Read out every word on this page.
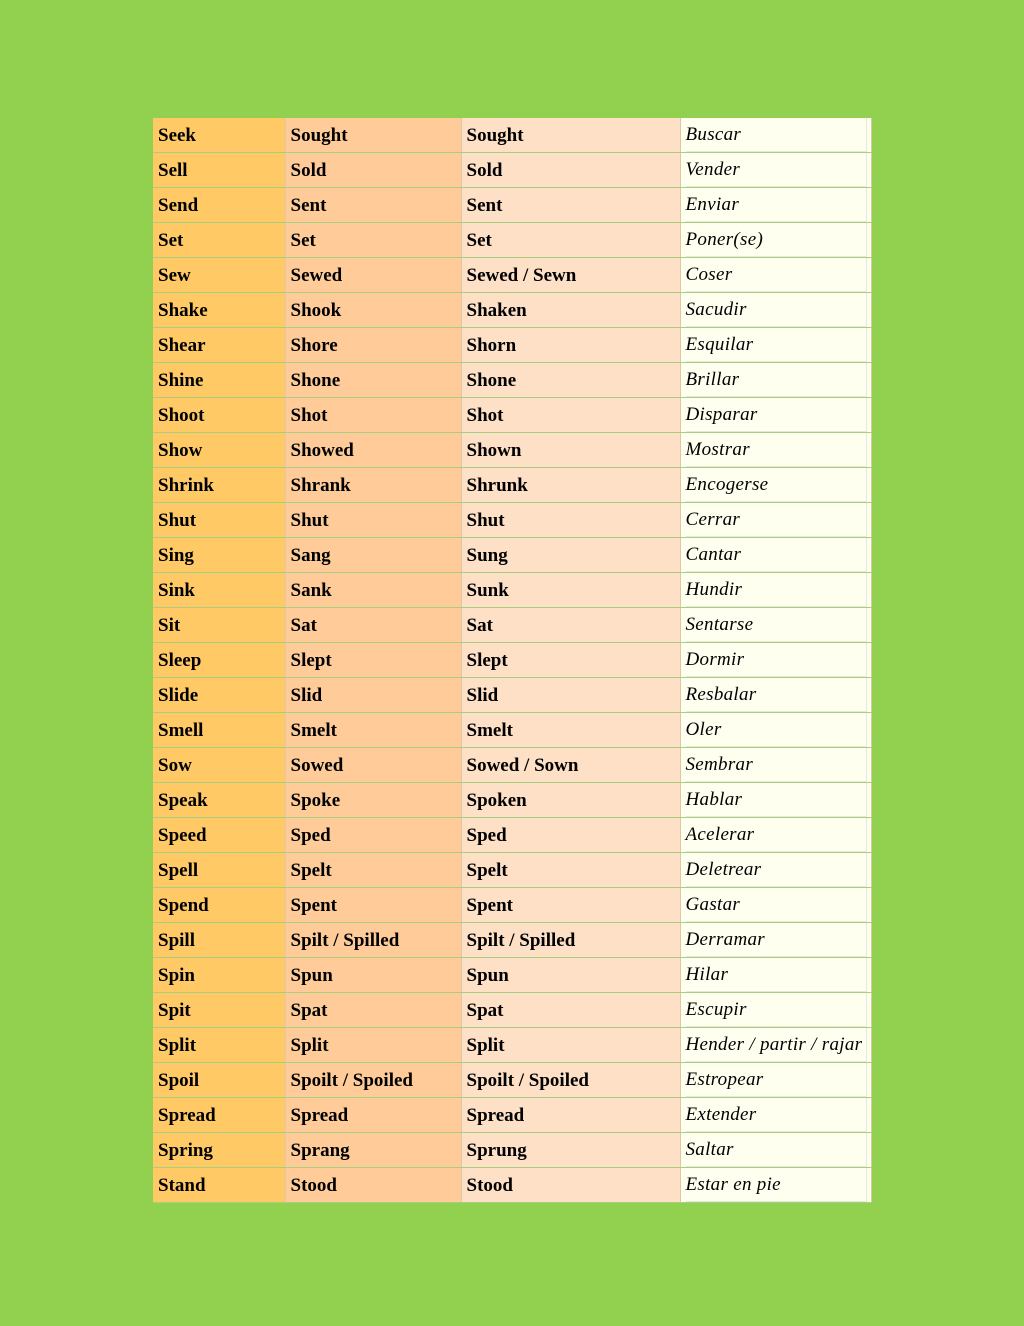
Seek	Sought	Sought	Buscar

Sell	Sold	Sold	Vender

Send	Sent	Sent	Enviar

Set	Set	Set	Poner(se)

Sew	Sewed	Sewed / Sewn	Coser

Shake	Shook	Shaken	Sacudir

Shear	Shore	Shorn	Esquilar

Shine	Shone	Shone	Brillar

Shoot	Shot	Shot	Disparar

Show	Showed	Shown	Mostrar

Shrink	Shrank	Shrunk	Encogerse

Shut	Shut	Shut	Cerrar

Sing	Sang	Sung	Cantar

Sink	Sank	Sunk	Hundir

Sit	Sat	Sat	Sentarse

Sleep	Slept	Slept	Dormir

Slide	Slid	Slid	Resbalar

Smell	Smelt	Smelt	Oler

Sow	Sowed	Sowed / Sown	Sembrar

Speak	Spoke	Spoken	Hablar

Speed	Sped	Sped	Acelerar

Spell	Spelt	Spelt	Deletrear

Spend	Spent	Spent	Gastar

Spill	Spilt / Spilled	Spilt / Spilled	Derramar

Spin	Spun	Spun	Hilar

Spit	Spat	Spat	Escupir

Split	Split	Split	Hender / partir / rajar

Spoil	Spoilt / Spoiled	Spoilt / Spoiled	Estropear

Spread	Spread	Spread	Extender

Spring	Sprang	Sprung	Saltar

Stand	Stood	Stood	Estar en pie
